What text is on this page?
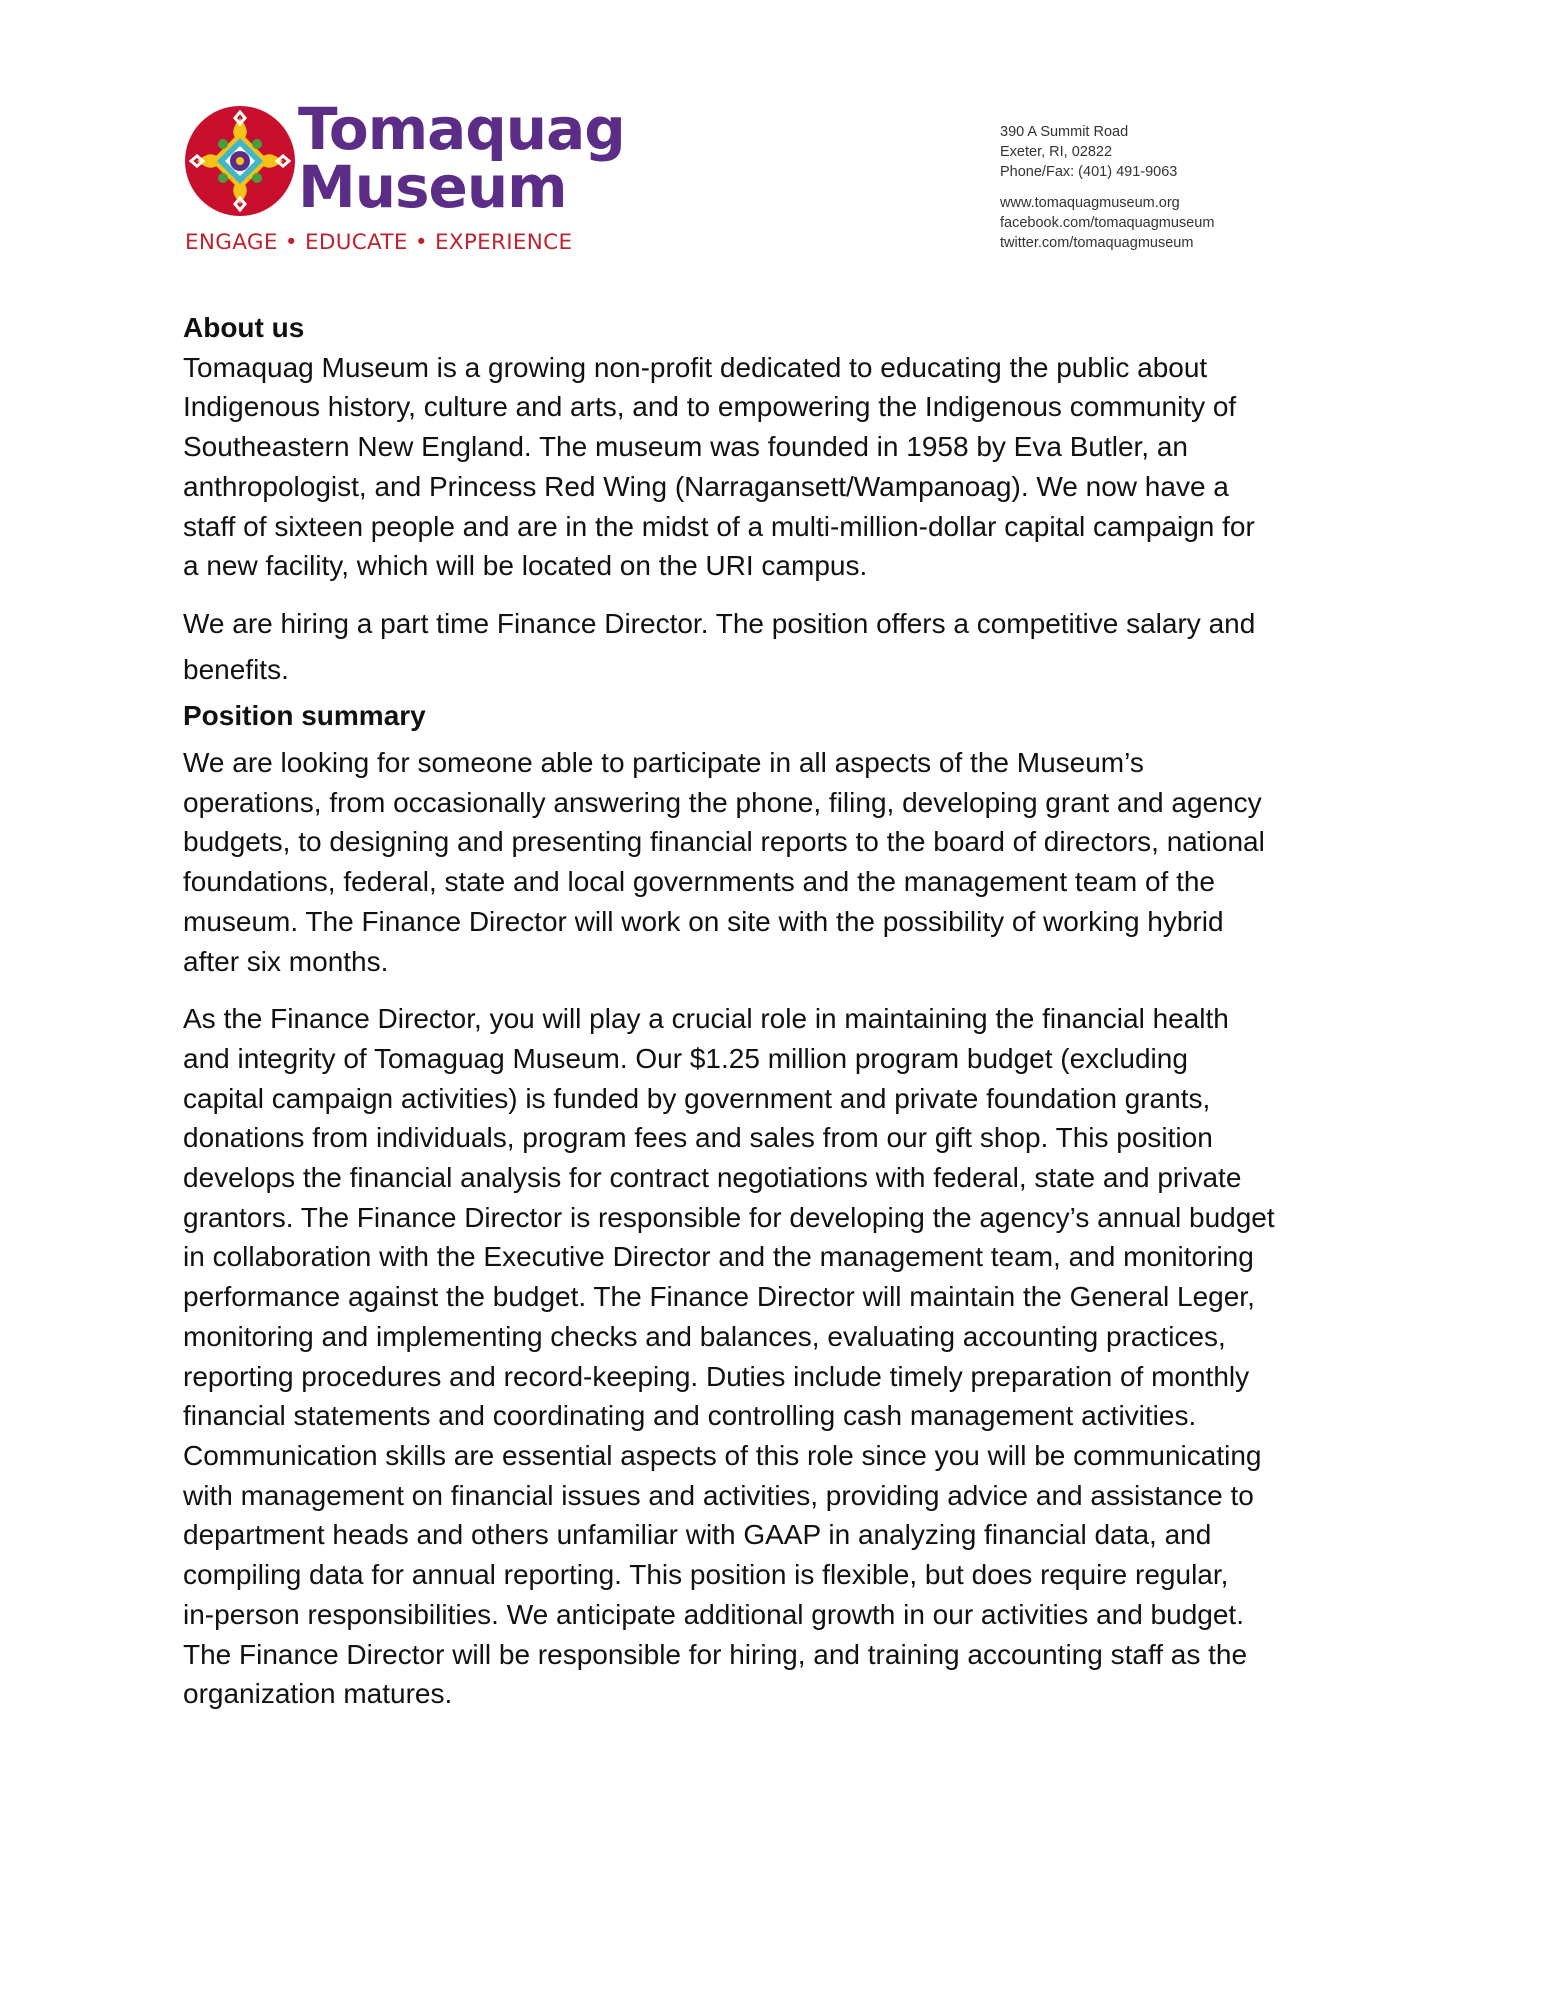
Tomaquag
Museum
ENGAGE • EDUCATE • EXPERIENCE
390 A Summit Road
Exeter, RI, 02822
Phone/Fax: (401) 491-9063
www.tomaquagmuseum.org
facebook.com/tomaquagmuseum
twitter.com/tomaquagmuseum

About us

Tomaquag Museum is a growing non-profit dedicated to educating the public about
Indigenous history, culture and arts, and to empowering the Indigenous community of
Southeastern New England. The museum was founded in 1958 by Eva Butler, an
anthropologist, and Princess Red Wing (Narragansett/Wampanoag). We now have a
staff of sixteen people and are in the midst of a multi-million-dollar capital campaign for
a new facility, which will be located on the URI campus.

We are hiring a part time Finance Director. The position offers a competitive salary and
benefits.

Position summary

We are looking for someone able to participate in all aspects of the Museum’s
operations, from occasionally answering the phone, filing, developing grant and agency
budgets, to designing and presenting financial reports to the board of directors, national
foundations, federal, state and local governments and the management team of the
museum. The Finance Director will work on site with the possibility of working hybrid
after six months.

As the Finance Director, you will play a crucial role in maintaining the financial health
and integrity of Tomaguag Museum. Our $1.25 million program budget (excluding
capital campaign activities) is funded by government and private foundation grants,
donations from individuals, program fees and sales from our gift shop. This position
develops the financial analysis for contract negotiations with federal, state and private
grantors. The Finance Director is responsible for developing the agency’s annual budget
in collaboration with the Executive Director and the management team, and monitoring
performance against the budget. The Finance Director will maintain the General Leger,
monitoring and implementing checks and balances, evaluating accounting practices,
reporting procedures and record-keeping. Duties include timely preparation of monthly
financial statements and coordinating and controlling cash management activities.
Communication skills are essential aspects of this role since you will be communicating
with management on financial issues and activities, providing advice and assistance to
department heads and others unfamiliar with GAAP in analyzing financial data, and
compiling data for annual reporting. This position is flexible, but does require regular,
in-person responsibilities. We anticipate additional growth in our activities and budget.
The Finance Director will be responsible for hiring, and training accounting staff as the
organization matures.
